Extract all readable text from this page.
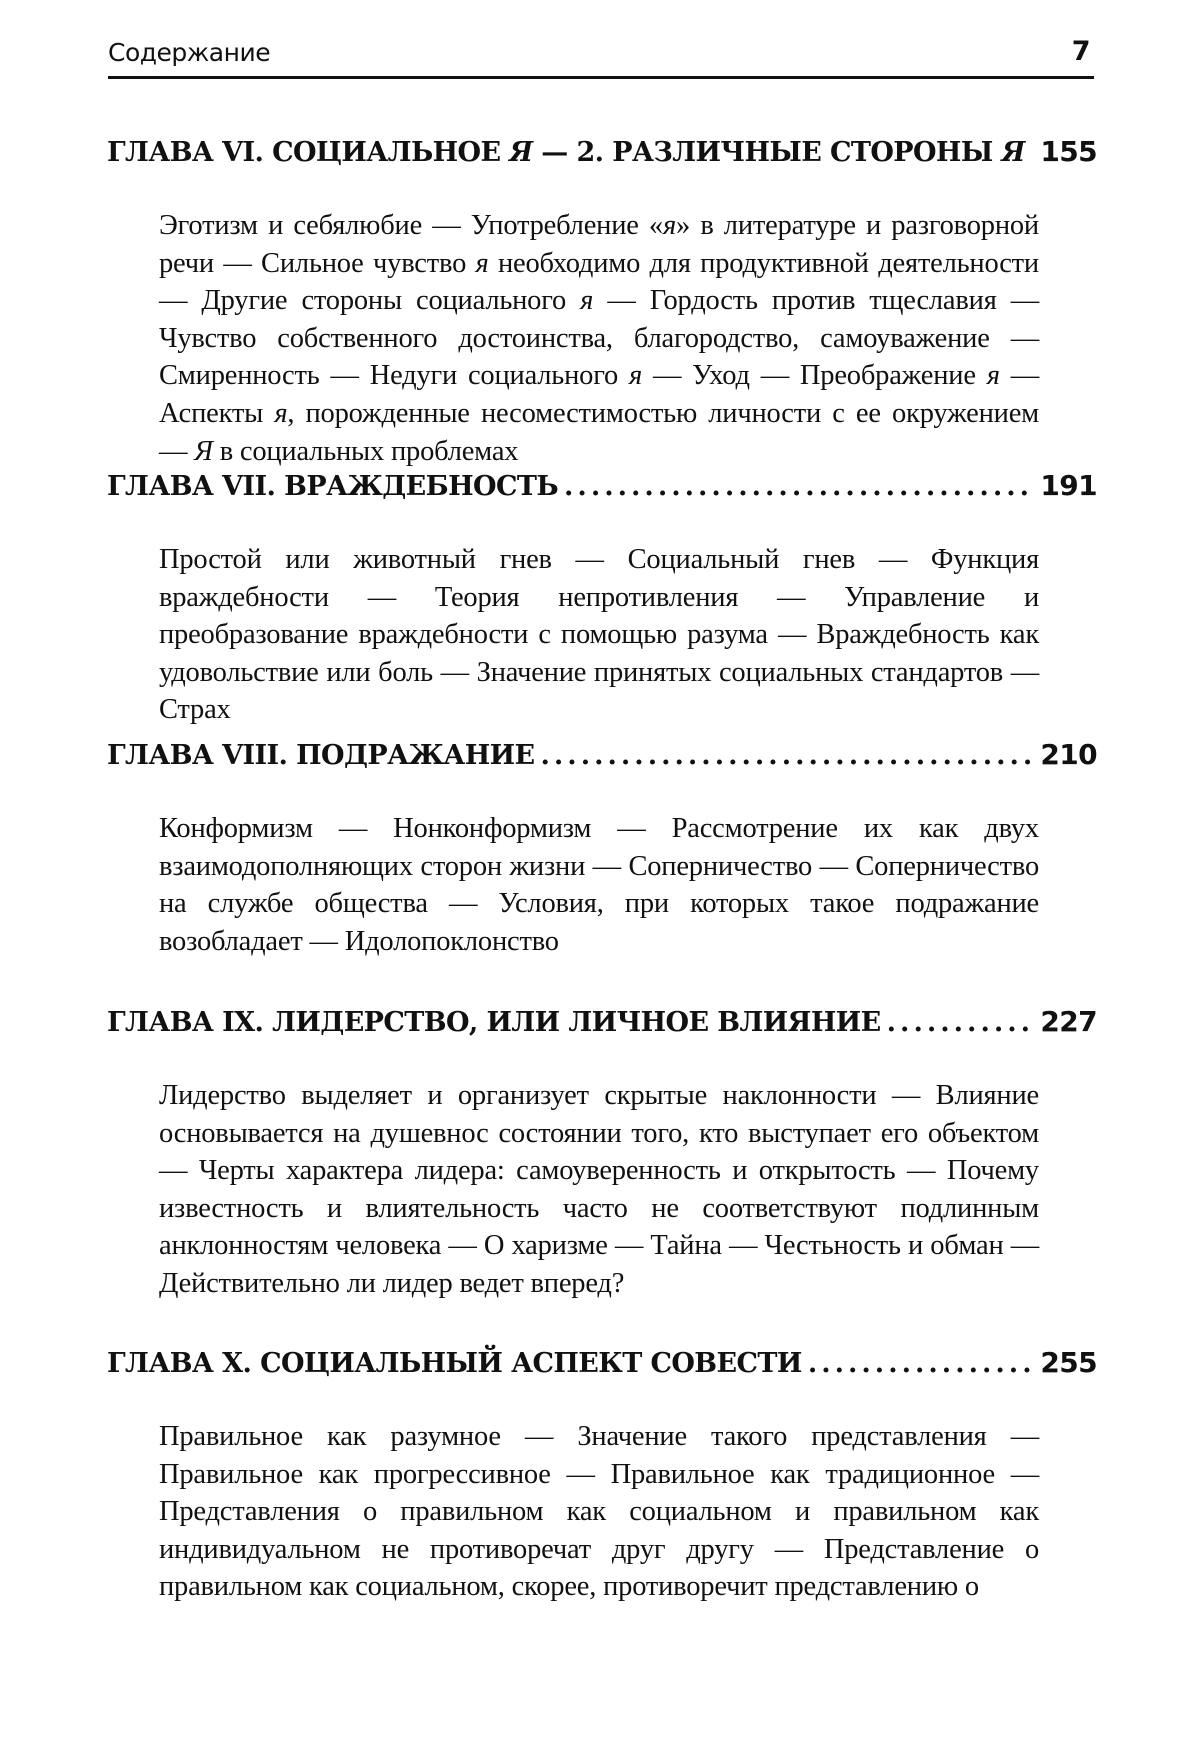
Содержание	7
ГЛАВА VI. СОЦИАЛЬНОЕ Я — 2. РАЗЛИЧНЫЕ СТОРОНЫ Я ..... 155
Эготизм и себялюбие — Употребление «я» в литературе и разговорной речи — Сильное чувство я необходимо для продуктивной деятельности — Другие стороны социального я — Гордость против тщеславия — Чувство собственного достоинства, благородство, самоуважение — Смиренность — Недуги социального я — Уход — Преображение я — Аспекты я, порожденные несоместимостью личности с ее окружением — Я в социальных проблемах
ГЛАВА VII. ВРАЖДЕБНОСТЬ .....	191
Простой или животный гнев — Социальный гнев — Функция враждебности — Теория непротивления — Управление и преобразование враждебности с помощью разума — Враждебность как удовольствие или боль — Значение принятых социальных стандартов — Страх
ГЛАВА VIII. ПОДРАЖАНИЕ .....	210
Конформизм — Нонконформизм — Рассмотрение их как двух взаимодополняющих сторон жизни — Соперничество — Соперничество на службе общества — Условия, при которых такое подражание возобладает — Идолопоклонство
ГЛАВА IX. ЛИДЕРСТВО, ИЛИ ЛИЧНОЕ ВЛИЯНИЕ .....	227
Лидерство выделяет и организует скрытые наклонности — Влияние основывается на душевнос состоянии того, кто выступает его объектом — Черты характера лидера: самоуверенность и открытость — Почему известность и влиятельность часто не соответствуют подлинным анклонностям человека — О харизме — Тайна — Честьность и обман — Действительно ли лидер ведет вперед?
ГЛАВА Х. СОЦИАЛЬНЫЙ АСПЕКТ СОВЕСТИ .....	255
Правильное как разумное — Значение такого представления — Правильное как прогрессивное — Правильное как традиционное — Представления о правильном как социальном и правильном как индивидуальном не противоречат друг другу — Представление о правильном как социальном, скорее, противоречит представлению о
